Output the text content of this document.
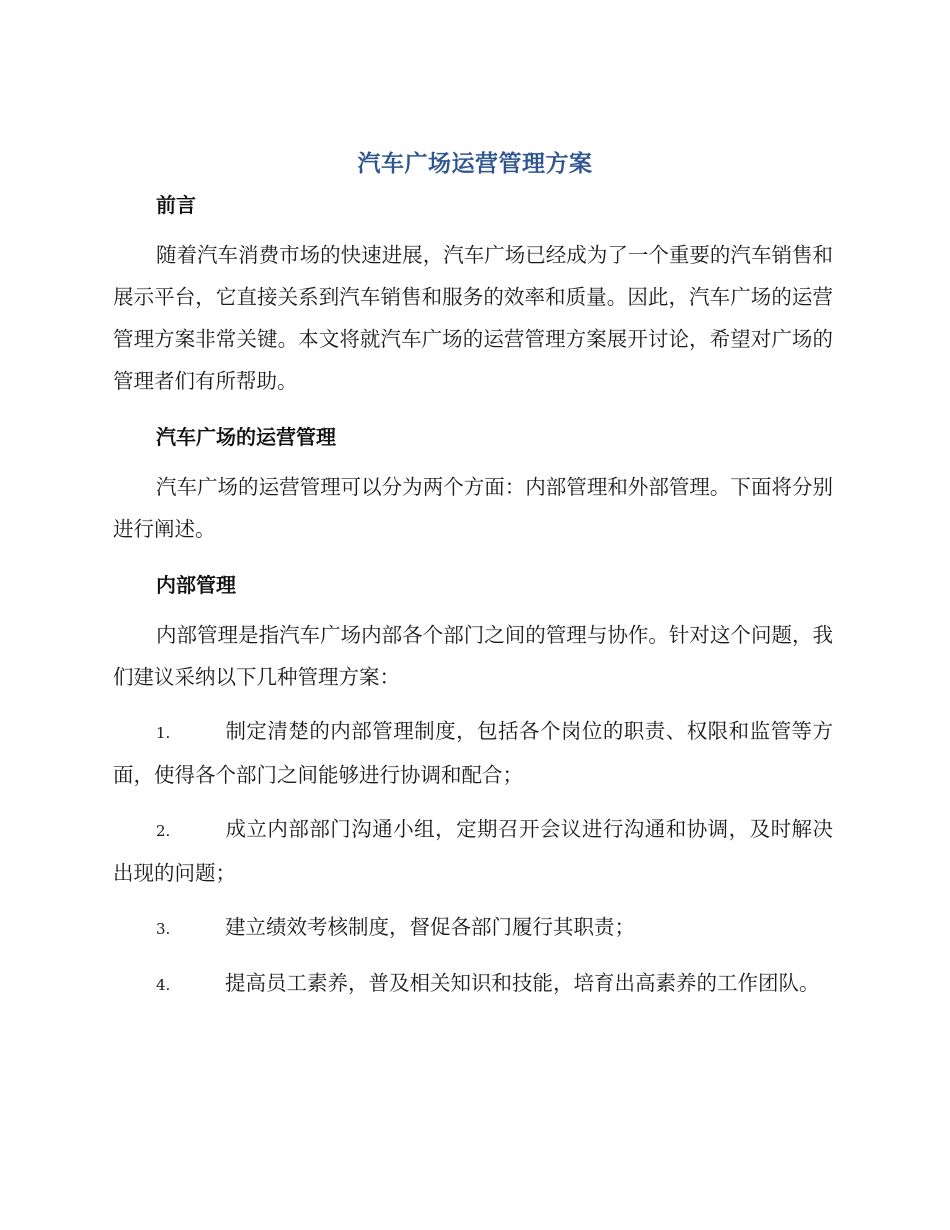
汽车广场运营管理方案
前言

随着汽车消费市场的快速进展，汽车广场已经成为了一个重要的汽车销售和展示平台，它直接关系到汽车销售和服务的效率和质量。因此，汽车广场的运营管理方案非常关键。本文将就汽车广场的运营管理方案展开讨论，希望对广场的管理者们有所帮助。

汽车广场的运营管理

汽车广场的运营管理可以分为两个方面：内部管理和外部管理。下面将分别进行阐述。

内部管理

内部管理是指汽车广场内部各个部门之间的管理与协作。针对这个问题，我们建议采纳以下几种管理方案：

1.	制定清楚的内部管理制度，包括各个岗位的职责、权限和监管等方面，使得各个部门之间能够进行协调和配合；

2.	成立内部部门沟通小组，定期召开会议进行沟通和协调，及时解决出现的问题；

3.	建立绩效考核制度，督促各部门履行其职责；

4.	提高员工素养，普及相关知识和技能，培育出高素养的工作团队。
